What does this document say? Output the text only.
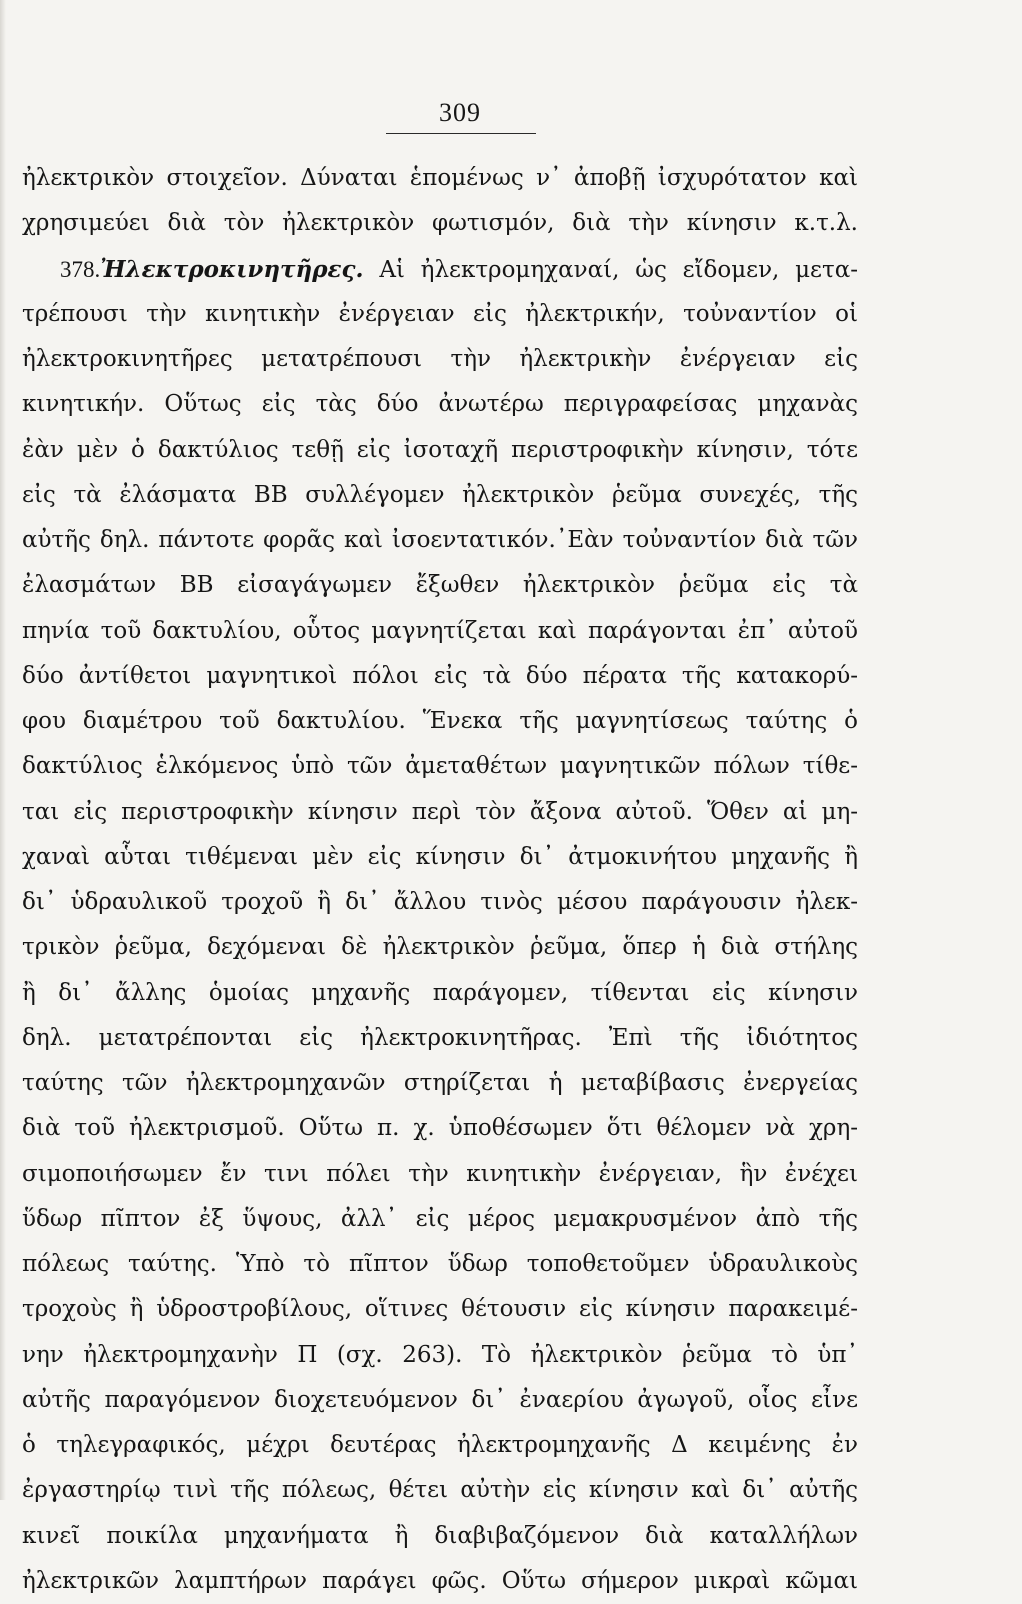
309
ἠλεκτρικὸν στοιχεῖον. Δύναται ἑπομένως ν᾽ ἀποβῇ ἰσχυρότατον καὶ
χρησιμεύει διὰ τὸν ἠλεκτρικὸν φωτισμόν, διὰ τὴν κίνησιν κ.τ.λ.
378.Ἠλεκτροκινητῆρες. Αἱ ἠλεκτρομηχαναί, ὡς εἴδομεν, μετα-
τρέπουσι τὴν κινητικὴν ἐνέργειαν εἰς ἠλεκτρικήν, τοὐναντίον οἱ
ἠλεκτροκινητῆρες μετατρέπουσι τὴν ἠλεκτρικὴν ἐνέργειαν εἰς
κινητικήν. Οὕτως εἰς τὰς δύο ἀνωτέρω περιγραφείσας μηχανὰς
ἐὰν μὲν ὁ δακτύλιος τεθῇ εἰς ἰσοταχῆ περιστροφικὴν κίνησιν, τότε
εἰς τὰ ἐλάσματα ΒΒ συλλέγομεν ἠλεκτρικὸν ῥεῦμα συνεχές, τῆς
αὐτῆς δηλ. πάντοτε φορᾶς καὶ ἰσοεντατικόν.᾽Εὰν τοὐναντίον διὰ τῶν
ἐλασμάτων ΒΒ εἰσαγάγωμεν ἔξωθεν ἠλεκτρικὸν ῥεῦμα εἰς τὰ
πηνία τοῦ δακτυλίου, οὗτος μαγνητίζεται καὶ παράγονται ἐπ᾽ αὐτοῦ
δύο ἀντίθετοι μαγνητικοὶ πόλοι εἰς τὰ δύο πέρατα τῆς κατακορύ-
φου διαμέτρου τοῦ δακτυλίου. Ἕνεκα τῆς μαγνητίσεως ταύτης ὁ
δακτύλιος ἑλκόμενος ὑπὸ τῶν ἀμεταθέτων μαγνητικῶν πόλων τίθε-
ται εἰς περιστροφικὴν κίνησιν περὶ τὸν ἄξονα αὐτοῦ. Ὅθεν αἱ μη-
χαναὶ αὗται τιθέμεναι μὲν εἰς κίνησιν δι᾽ ἀτμοκινήτου μηχανῆς ἢ
δι᾽ ὑδραυλικοῦ τροχοῦ ἢ δι᾽ ἄλλου τινὸς μέσου παράγουσιν ἠλεκ-
τρικὸν ῥεῦμα, δεχόμεναι δὲ ἠλεκτρικὸν ῥεῦμα, ὅπερ ἡ διὰ στήλης
ἢ δι᾽ ἄλλης ὁμοίας μηχανῆς παράγομεν, τίθενται εἰς κίνησιν
δηλ. μετατρέπονται εἰς ἠλεκτροκινητῆρας. Ἐπὶ τῆς ἰδιότητος
ταύτης τῶν ἠλεκτρομηχανῶν στηρίζεται ἡ μεταβίβασις ἐνεργείας
διὰ τοῦ ἠλεκτρισμοῦ. Οὕτω π. χ. ὑποθέσωμεν ὅτι θέλομεν νὰ χρη-
σιμοποιήσωμεν ἔν τινι πόλει τὴν κινητικὴν ἐνέργειαν, ἣν ἐνέχει
ὕδωρ πῖπτον ἐξ ὕψους, ἀλλ᾽ εἰς μέρος μεμακρυσμένον ἀπὸ τῆς
πόλεως ταύτης. Ὑπὸ τὸ πῖπτον ὕδωρ τοποθετοῦμεν ὑδραυλικοὺς
τροχοὺς ἢ ὑδροστροβίλους, οἵτινες θέτουσιν εἰς κίνησιν παρακειμέ-
νην ἠλεκτρομηχανὴν Π (σχ. 263). Τὸ ἠλεκτρικὸν ῥεῦμα τὸ ὑπ᾽
αὐτῆς παραγόμενον διοχετευόμενον δι᾽ ἐναερίου ἀγωγοῦ, οἷος εἶνε
ὁ τηλεγραφικός, μέχρι δευτέρας ἠλεκτρομηχανῆς Δ κειμένης ἐν
ἐργαστηρίῳ τινὶ τῆς πόλεως, θέτει αὐτὴν εἰς κίνησιν καὶ δι᾽ αὐτῆς
κινεῖ ποικίλα μηχανήματα ἢ διαβιβαζόμενον διὰ καταλλήλων
ἠλεκτρικῶν λαμπτήρων παράγει φῶς. Οὕτω σήμερον μικραὶ κῶμαι
